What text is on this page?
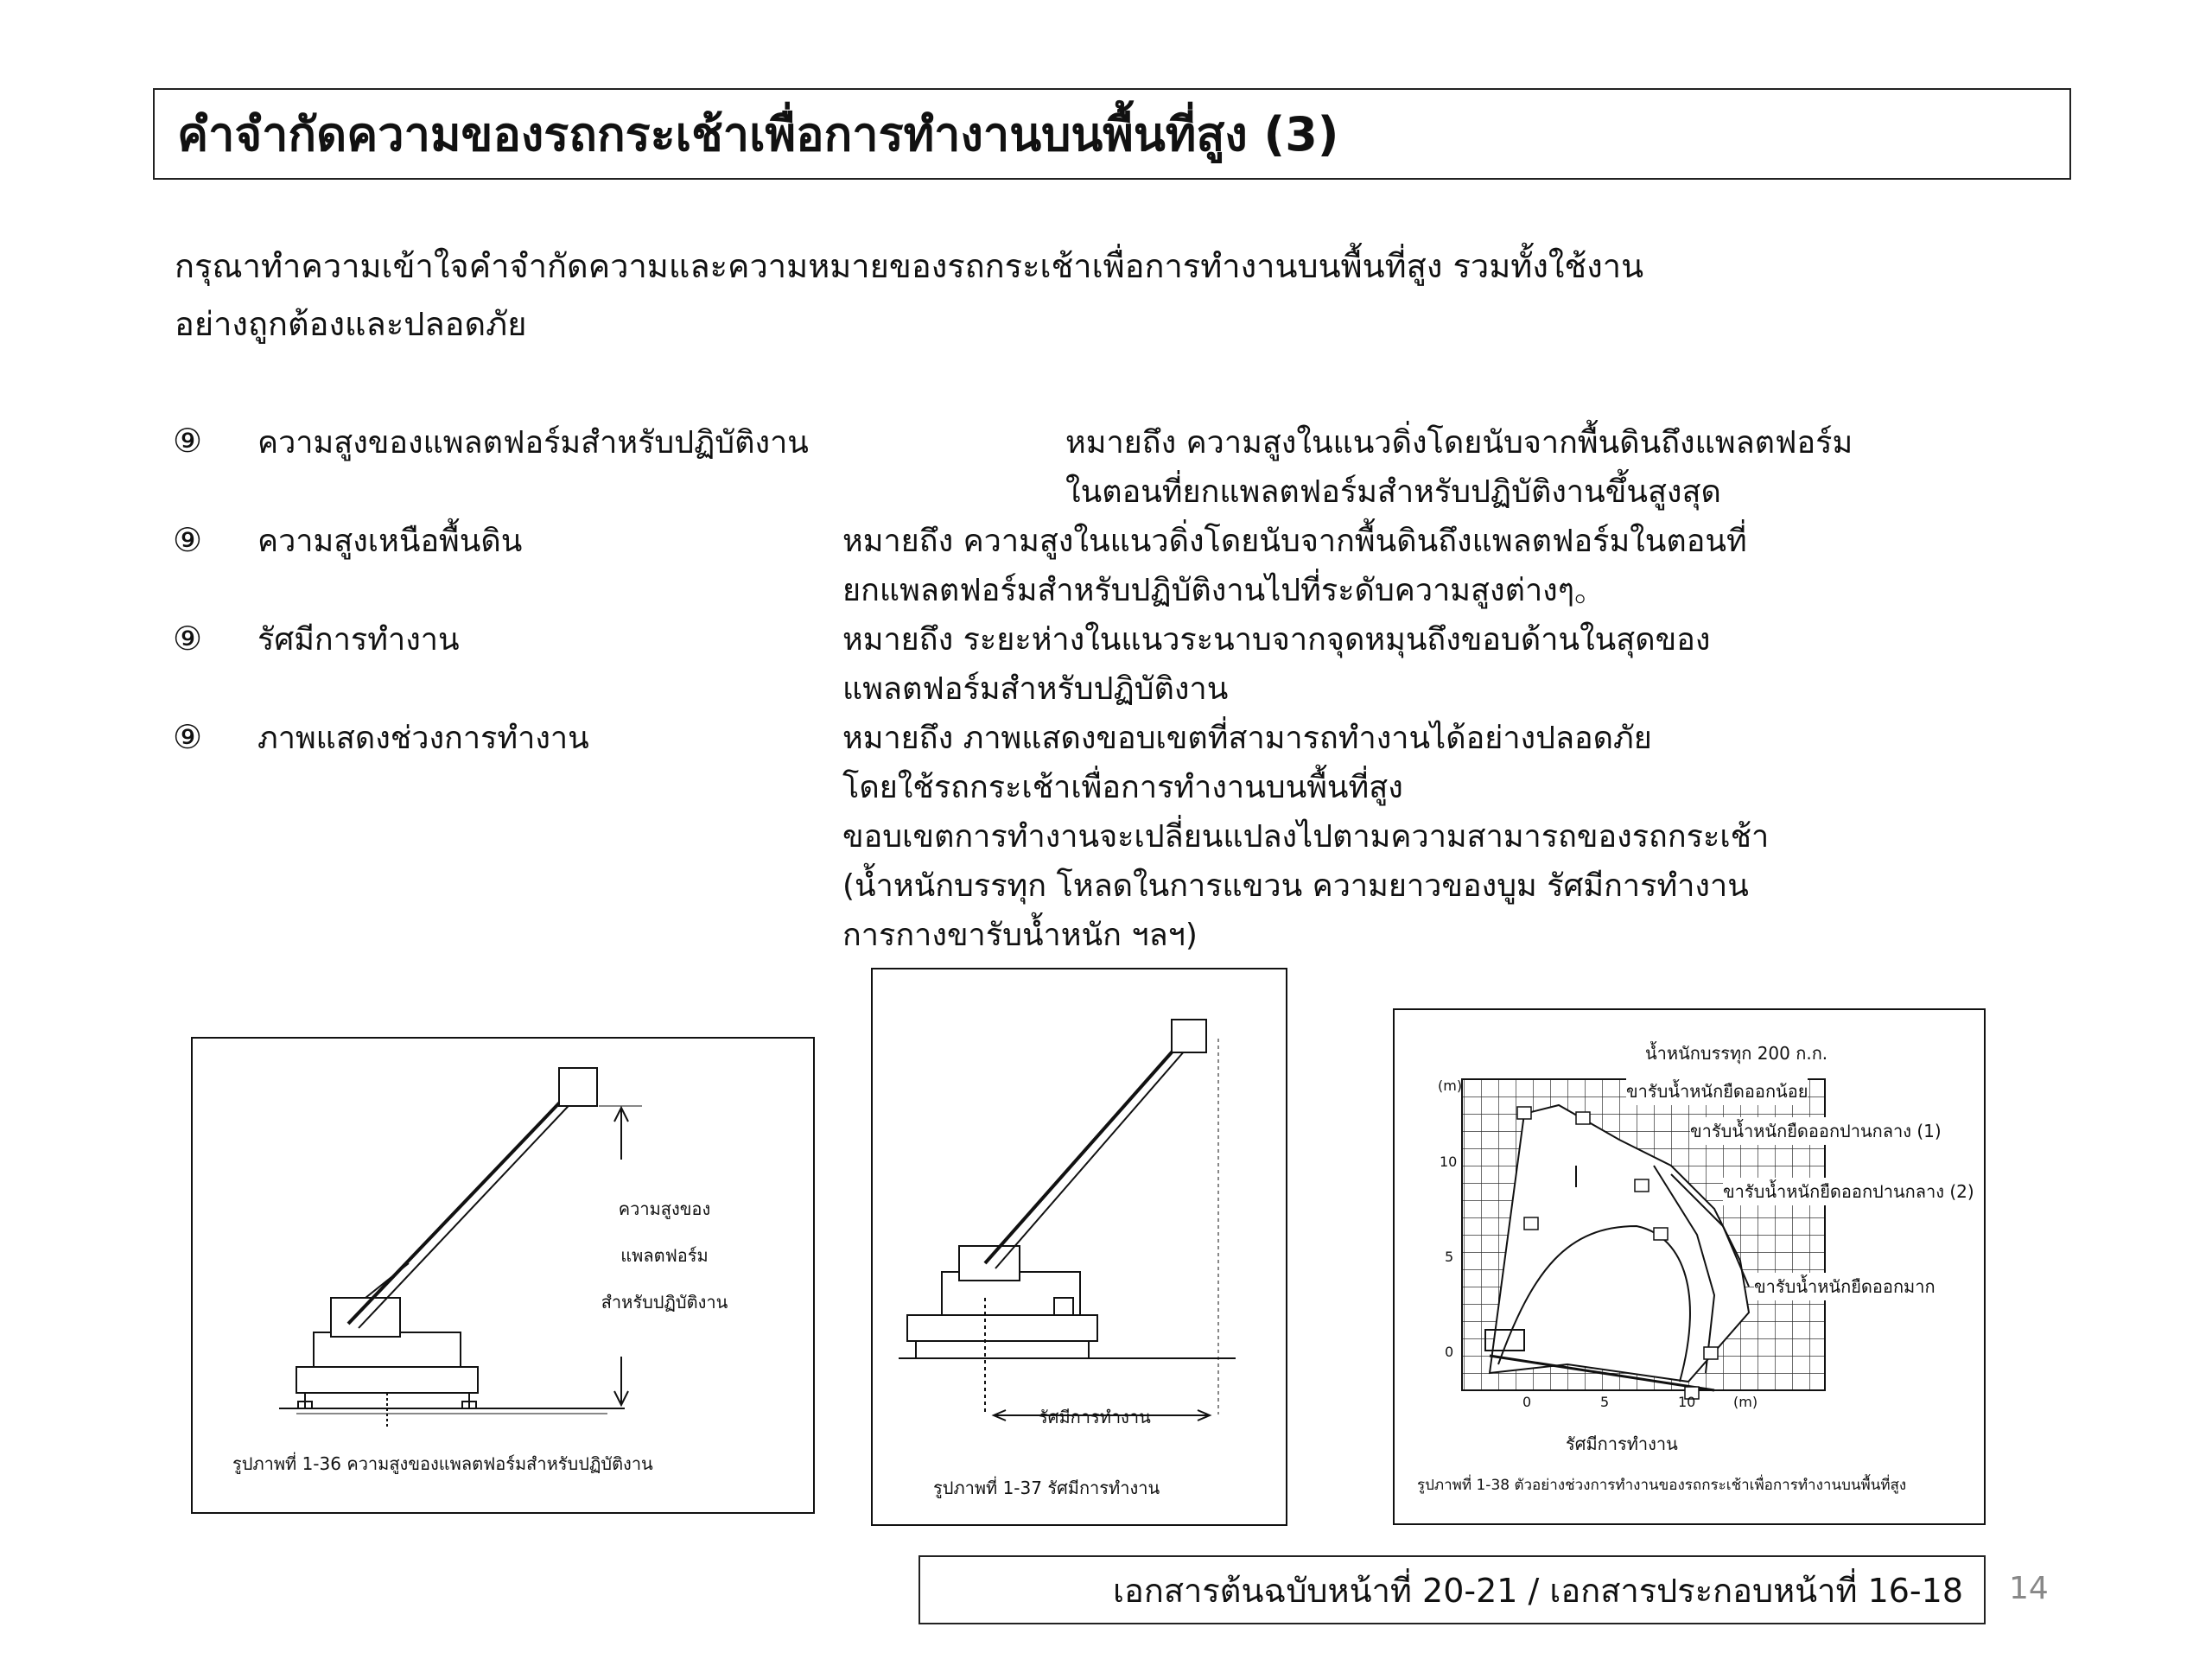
คำจำกัดความของรถกระเช้าเพื่อการทำงานบนพื้นที่สูง (3)
กรุณาทำความเข้าใจคำจำกัดความและความหมายของรถกระเช้าเพื่อการทำงานบนพื้นที่สูง รวมทั้งใช้งาน
อย่างถูกต้องและปลอดภัย
⑨ ความสูงของแพลตฟอร์มสำหรับปฏิบัติงาน	หมายถึง ความสูงในแนวดิ่งโดยนับจากพื้นดินถึงแพลตฟอร์ม
ในตอนที่ยกแพลตฟอร์มสำหรับปฏิบัติงานขึ้นสูงสุด
⑨ ความสูงเหนือพื้นดิน	หมายถึง ความสูงในแนวดิ่งโดยนับจากพื้นดินถึงแพลตฟอร์มในตอนที่
ยกแพลตฟอร์มสำหรับปฏิบัติงานไปที่ระดับความสูงต่างๆ。
⑨ รัศมีการทำงาน	หมายถึง ระยะห่างในแนวระนาบจากจุดหมุนถึงขอบด้านในสุดของ
แพลตฟอร์มสำหรับปฏิบัติงาน
⑨ ภาพแสดงช่วงการทำงาน	หมายถึง ภาพแสดงขอบเขตที่สามารถทำงานได้อย่างปลอดภัย
โดยใช้รถกระเช้าเพื่อการทำงานบนพื้นที่สูง
ขอบเขตการทำงานจะเปลี่ยนแปลงไปตามความสามารถของรถกระเช้า
(น้ำหนักบรรทุก โหลดในการแขวน ความยาวของบูม รัศมีการทำงาน
การกางขารับน้ำหนัก ฯลฯ)
ความสูงของ
แพลตฟอร์ม
สำหรับปฏิบัติงาน
รูปภาพที่ 1-36 ความสูงของแพลตฟอร์มสำหรับปฏิบัติงาน
รัศมีการทำงาน
รูปภาพที่ 1-37 รัศมีการทำงาน
น้ำหนักบรรทุก 200 ก.ก.
(m)
10
5
0
0	5	10	(m)
รัศมีการทำงาน
ขารับน้ำหนักยืดออกน้อย
ขารับน้ำหนักยืดออกปานกลาง (1)
ขารับน้ำหนักยืดออกปานกลาง (2)
ขารับน้ำหนักยืดออกมาก
รูปภาพที่ 1-38 ตัวอย่างช่วงการทำงานของรถกระเช้าเพื่อการทำงานบนพื้นที่สูง
เอกสารต้นฉบับหน้าที่ 20-21 / เอกสารประกอบหน้าที่ 16-18 14
